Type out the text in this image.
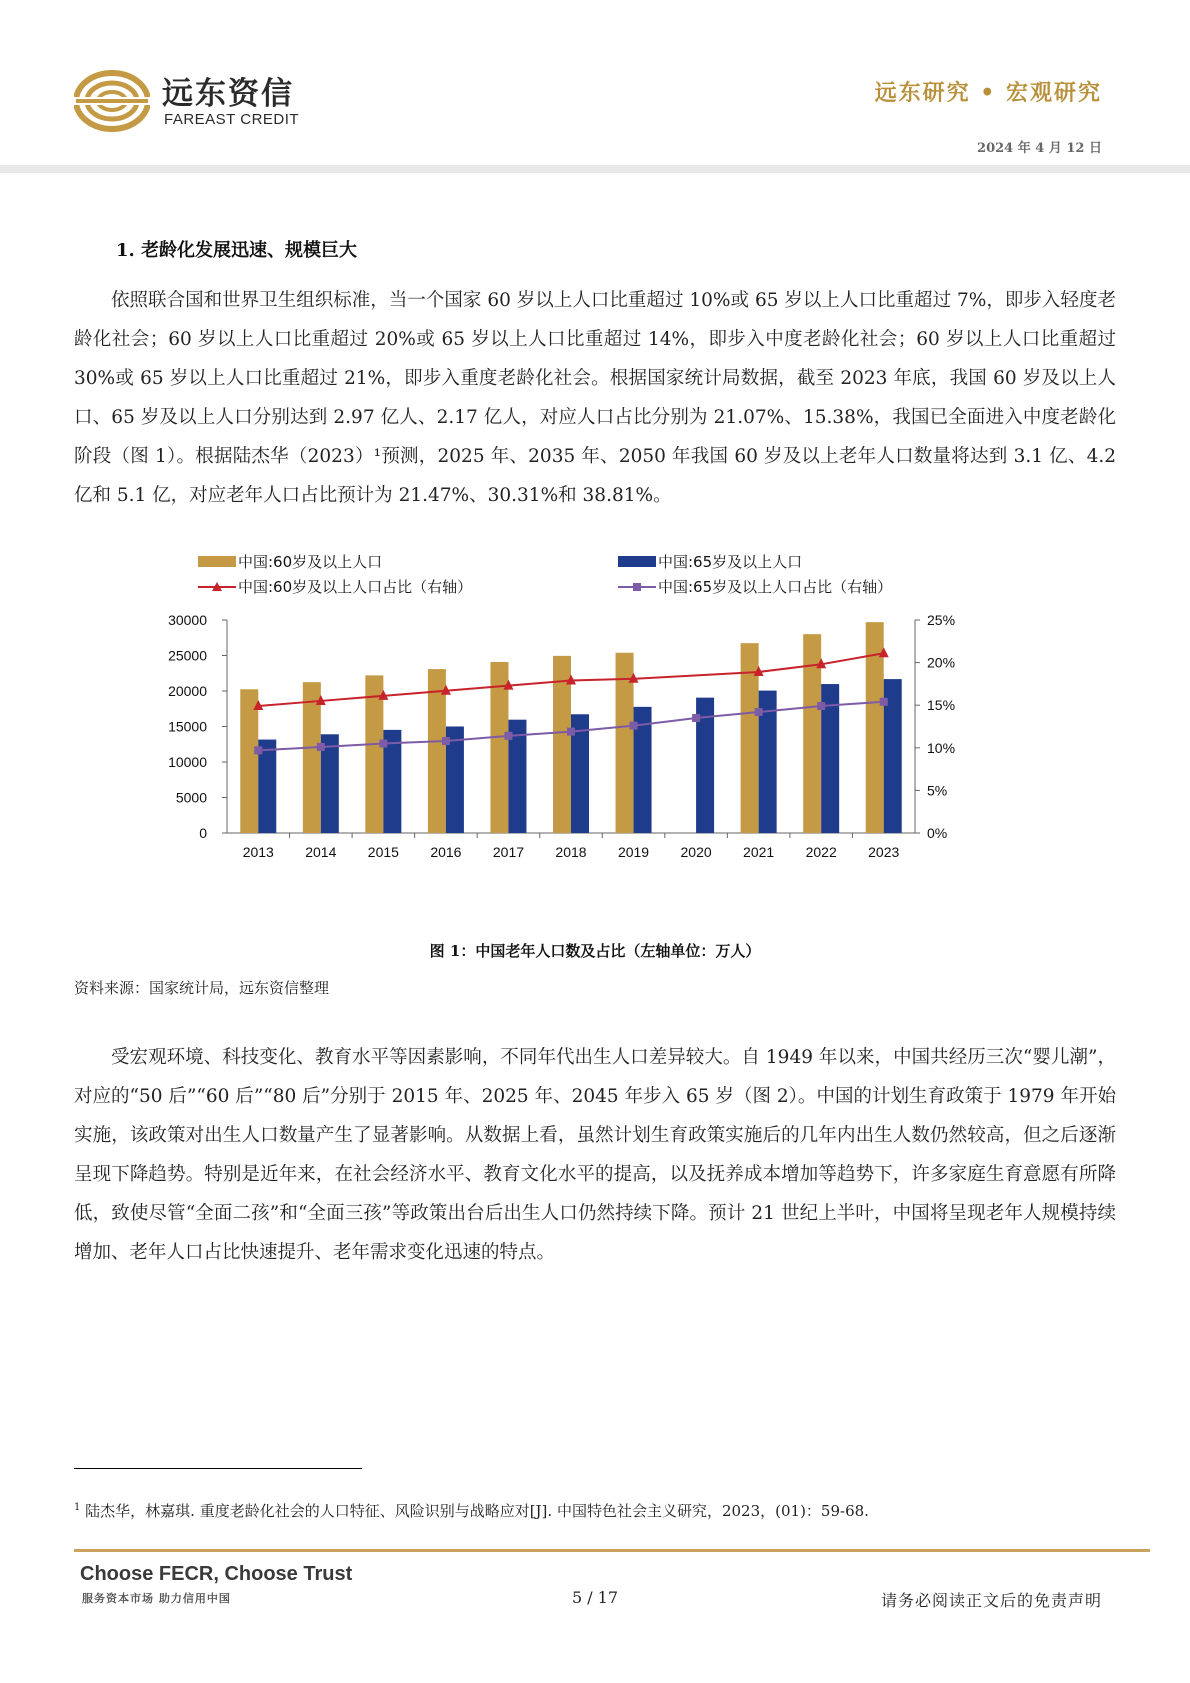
远东资信
FAREAST CREDIT
远东研究 • 宏观研究
2024 年 4 月 12 日
1. 老龄化发展迅速、规模巨大
依照联合国和世界卫生组织标准，当一个国家 60 岁以上人口比重超过 10%或 65 岁以上人口比重超过 7%，即步入轻度老龄化社会；60 岁以上人口比重超过 20%或 65 岁以上人口比重超过 14%，即步入中度老龄化社会；60 岁以上人口比重超过 30%或 65 岁以上人口比重超过 21%，即步入重度老龄化社会。根据国家统计局数据，截至 2023 年底，我国 60 岁及以上人口、65 岁及以上人口分别达到 2.97 亿人、2.17 亿人，对应人口占比分别为 21.07%、15.38%，我国已全面进入中度老龄化阶段（图 1）。根据陆杰华（2023）¹预测，2025 年、2035 年、2050 年我国 60 岁及以上老年人口数量将达到 3.1 亿、4.2 亿和 5.1 亿，对应老年人口占比预计为 21.47%、30.31%和 38.81%。
中国:60岁及以上人口	中国:65岁及以上人口
中国:60岁及以上人口占比（右轴）	中国:65岁及以上人口占比（右轴）
0
5000
10000
15000
20000
25000
30000
0%
5%
10%
15%
20%
25%
2013 2014 2015 2016 2017 2018 2019 2020 2021 2022 2023
图 1：中国老年人口数及占比（左轴单位：万人）
资料来源：国家统计局，远东资信整理
受宏观环境、科技变化、教育水平等因素影响，不同年代出生人口差异较大。自 1949 年以来，中国共经历三次“婴儿潮”，对应的“50 后”“60 后”“80 后”分别于 2015 年、2025 年、2045 年步入 65 岁（图 2）。中国的计划生育政策于 1979 年开始实施，该政策对出生人口数量产生了显著影响。从数据上看，虽然计划生育政策实施后的几年内出生人数仍然较高，但之后逐渐呈现下降趋势。特别是近年来，在社会经济水平、教育文化水平的提高，以及抚养成本增加等趋势下，许多家庭生育意愿有所降低，致使尽管“全面二孩”和“全面三孩”等政策出台后出生人口仍然持续下降。预计 21 世纪上半叶，中国将呈现老年人规模持续增加、老年人口占比快速提升、老年需求变化迅速的特点。
$^1$ 陆杰华，林嘉琪. 重度老龄化社会的人口特征、风险识别与战略应对[J]. 中国特色社会主义研究，2023，(01)：59-68.
Choose FECR, Choose Trust
服务资本市场 助力信用中国	5 / 17	请务必阅读正文后的免责声明
